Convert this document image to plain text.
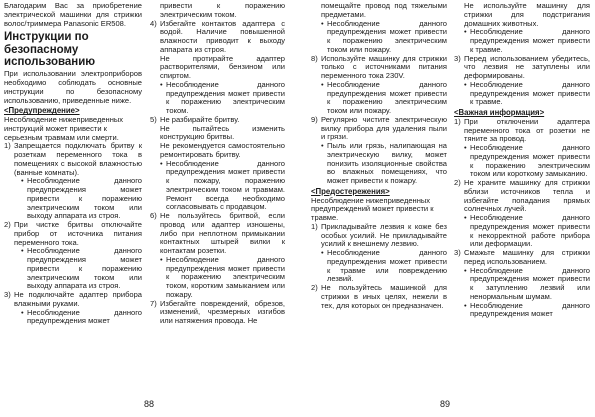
Благодарим Вас за приобретение электрической машинки для стрижки волос/триммера Panasonic ER508.

Инструкции по безопасному использованию

При использовании электроприборов необходимо соблюдать основные инструкции по безопасному использованию, приведенные ниже.

<Предупреждение>

Несоблюдение нижеприведенных инструкций может привести к серьезным травмам или смерти.

1) Запрещается подключать бритву к розеткам переменного тока в помещениях с высокой влажностью (ванные комнаты).
• Несоблюдение данного предупреждения может привести к поражению электрическим током или выходу аппарата из строя.
2) При чистке бритвы отключайте прибор от источника питания переменного тока.
• Несоблюдение данного предупреждения может привести к поражению электрическим током или выходу аппарата из строя.
3) Не подключайте адаптер прибора влажными руками.
• Несоблюдение данного предупреждения может

привести к поражению электрическим током.

4) Избегайте контактов адаптера с водой. Наличие повышенной влажности приводит к выходу аппарата из строя.

Не протирайте адаптер растворителями, бензином или спиртом.

• Несоблюдение данного предупреждения может привести к поражению электрическим током.
5) Не разбирайте бритву.

Не пытайтесь изменить конструкцию бритвы.

Не рекомендуется самостоятельно ремонтировать бритву.

• Несоблюдение данного предупреждения может привести к пожару, поражению электрическим током и травмам. Ремонт всегда необходимо согласовывать с продавцом.
6) Не пользуйтесь бритвой, если провод или адаптер изношены, либо при неплотном примыкании контактных штырей вилки к контактам розетки.
• Несоблюдение данного предупреждения может привести к поражению электрическим током, коротким замыканием или пожару.
7) Избегайте повреждений, обрезов, изменений, чрезмерных изгибов или натяжения провода. Не
88

помещайте провод под тяжелыми предметами.

• Несоблюдение данного предупреждения может привести к поражению электрическим током или пожару.
8) Используйте машинку для стрижки только с источниками питания переменного тока 230V.
• Несоблюдение данного предупреждения может привести к поражению электрическим током или пожару.
9) Регулярно чистите электрическую вилку прибора для удаления пыли и грязи.
• Пыль или грязь, налипающая на электрическую вилку, может понизить изоляционные свойства во влажных помещениях, что может привести к пожару.
<Предостережения>

Несоблюдение нижеприведенных предупреждений может привести к травме.

1) Прикладывайте лезвия к коже без особых усилий. Не прикладывайте усилий к внешнему лезвию.
• Несоблюдение данного предупреждения может привести к травме или повреждению лезвий.
2) Не пользуйтесь машинкой для стрижки в иных целях, нежели в тех, для которых он предназначен.

Не используйте машинку для стрижки для подстригания домашних животных.

• Несоблюдение данного предупреждения может привести к травме.
3) Перед использованием убедитесь, что лезвия не затуплены или деформированы.
• Несоблюдение данного предупреждения может привести к травме.
<Важная информация>
1) При отключении адаптера переменного тока от розетки не тяните за провод.
• Несоблюдение данного предупреждения может привести к поражению электрическим током или короткому замыканию.
2) Не храните машинку для стрижки вблизи источников тепла и избегайте попадания прямых солнечных лучей.
• Несоблюдение данного предупреждения может привести к некорректной работе прибора или деформации.
3) Смажьте машинку для стрижки перед использованием.
• Несоблюдение данного предупреждения может привести к затуплению лезвий или ненормальным шумам.
• Несоблюдение данного предупреждения может
89
